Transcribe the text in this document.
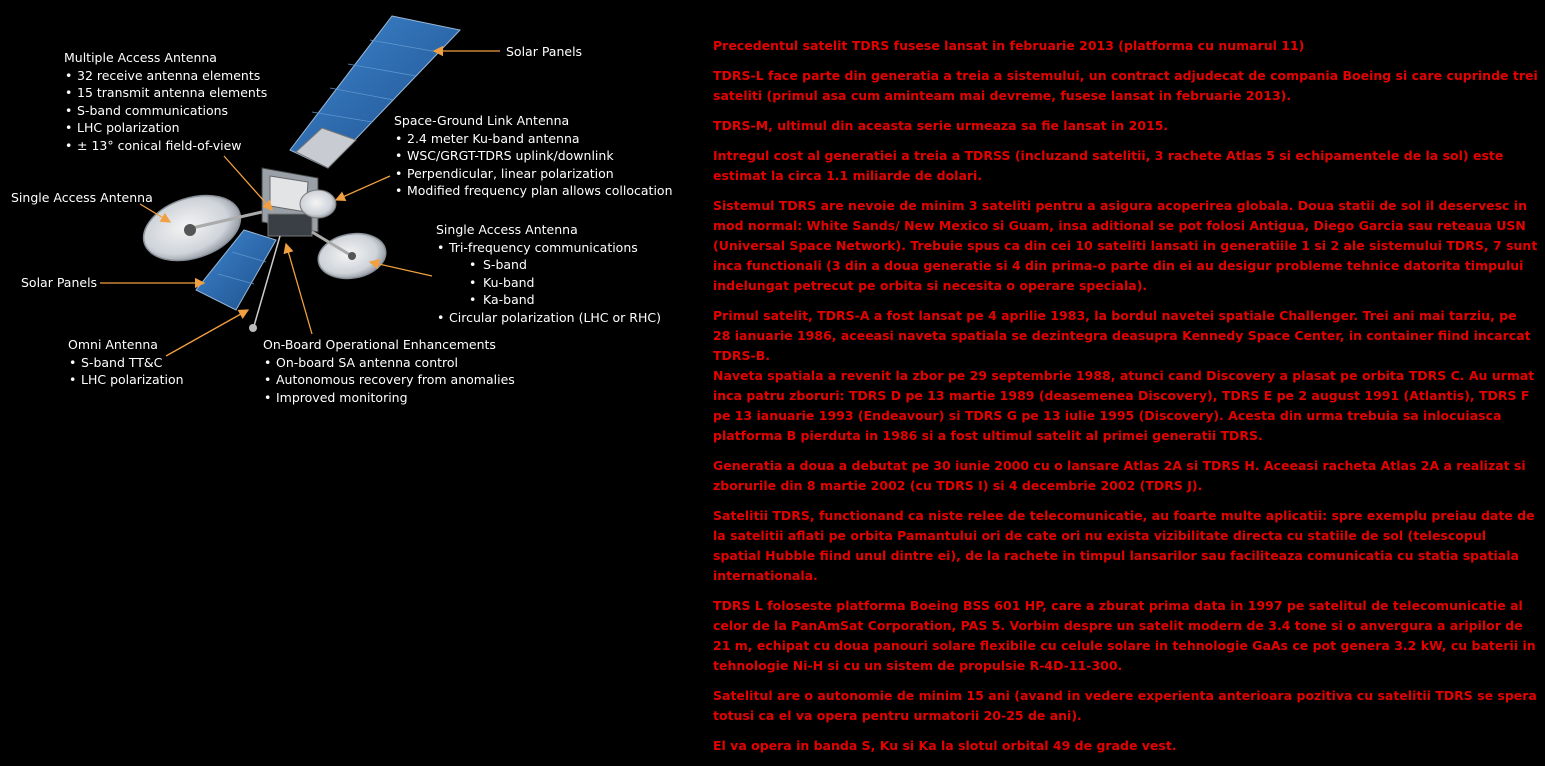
Solar Panels
Multiple Access Antenna
• 32 receive antenna elements
• 15 transmit antenna elements
• S-band communications
• LHC polarization
• ± 13° conical field-of-view
Space-Ground Link Antenna
• 2.4 meter Ku-band antenna
• WSC/GRGT-TDRS uplink/downlink
• Perpendicular, linear polarization
• Modified frequency plan allows collocation
Single Access Antenna
Single Access Antenna
• Tri-frequency communications
• S-band
• Ku-band
• Ka-band
• Circular polarization (LHC or RHC)
Solar Panels
Omni Antenna
• S-band TT&C
• LHC polarization
On-Board Operational Enhancements
• On-board SA antenna control
• Autonomous recovery from anomalies
• Improved monitoring

Precedentul satelit TDRS fusese lansat in februarie 2013 (platforma cu numarul 11)

TDRS-L face parte din generatia a treia a sistemului, un contract adjudecat de compania Boeing si care cuprinde trei sateliti (primul asa cum aminteam mai devreme, fusese lansat in februarie 2013).

TDRS-M, ultimul din aceasta serie urmeaza sa fie lansat in 2015.

Intregul cost al generatiei a treia a TDRSS (incluzand satelitii, 3 rachete Atlas 5 si echipamentele de la sol) este estimat la circa 1.1 miliarde de dolari.

Sistemul TDRS are nevoie de minim 3 sateliti pentru a asigura acoperirea globala. Doua statii de sol il deservesc in mod normal: White Sands/ New Mexico si Guam, insa aditional se pot folosi Antigua, Diego Garcia sau reteaua USN (Universal Space Network). Trebuie spus ca din cei 10 sateliti lansati in generatiile 1 si 2 ale sistemului TDRS, 7 sunt inca functionali (3 din a doua generatie si 4 din prima-o parte din ei au desigur probleme tehnice datorita timpului indelungat petrecut pe orbita si necesita o operare speciala).

Primul satelit, TDRS-A a fost lansat pe 4 aprilie 1983, la bordul navetei spatiale Challenger. Trei ani mai tarziu, pe 28 ianuarie 1986, aceeasi naveta spatiala se dezintegra deasupra Kennedy Space Center, in container fiind incarcat TDRS-B.

Naveta spatiala a revenit la zbor pe 29 septembrie 1988, atunci cand Discovery a plasat pe orbita TDRS C. Au urmat inca patru zboruri: TDRS D pe 13 martie 1989 (deasemenea Discovery), TDRS E pe 2 august 1991 (Atlantis), TDRS F pe 13 ianuarie 1993 (Endeavour) si TDRS G pe 13 iulie 1995 (Discovery). Acesta din urma trebuia sa inlocuiasca platforma B pierduta in 1986 si a fost ultimul satelit al primei generatii TDRS.

Generatia a doua a debutat pe 30 iunie 2000 cu o lansare Atlas 2A si TDRS H. Aceeasi racheta Atlas 2A a realizat si zborurile din 8 martie 2002 (cu TDRS I) si 4 decembrie 2002 (TDRS J).

Satelitii TDRS, functionand ca niste relee de telecomunicatie, au foarte multe aplicatii: spre exemplu preiau date de la satelitii aflati pe orbita Pamantului ori de cate ori nu exista vizibilitate directa cu statiile de sol (telescopul spatial Hubble fiind unul dintre ei), de la rachete in timpul lansarilor sau faciliteaza comunicatia cu statia spatiala internationala.

TDRS L foloseste platforma Boeing BSS 601 HP, care a zburat prima data in 1997 pe satelitul de telecomunicatie al celor de la PanAmSat Corporation, PAS 5. Vorbim despre un satelit modern de 3.4 tone si o anvergura a aripilor de 21 m, echipat cu doua panouri solare flexibile cu celule solare in tehnologie GaAs ce pot genera 3.2 kW, cu baterii in tehnologie Ni-H si cu un sistem de propulsie R-4D-11-300.

Satelitul are o autonomie de minim 15 ani (avand in vedere experienta anterioara pozitiva cu satelitii TDRS se spera totusi ca el va opera pentru urmatorii 20-25 de ani).

El va opera in banda S, Ku si Ka la slotul orbital 49 de grade vest.
